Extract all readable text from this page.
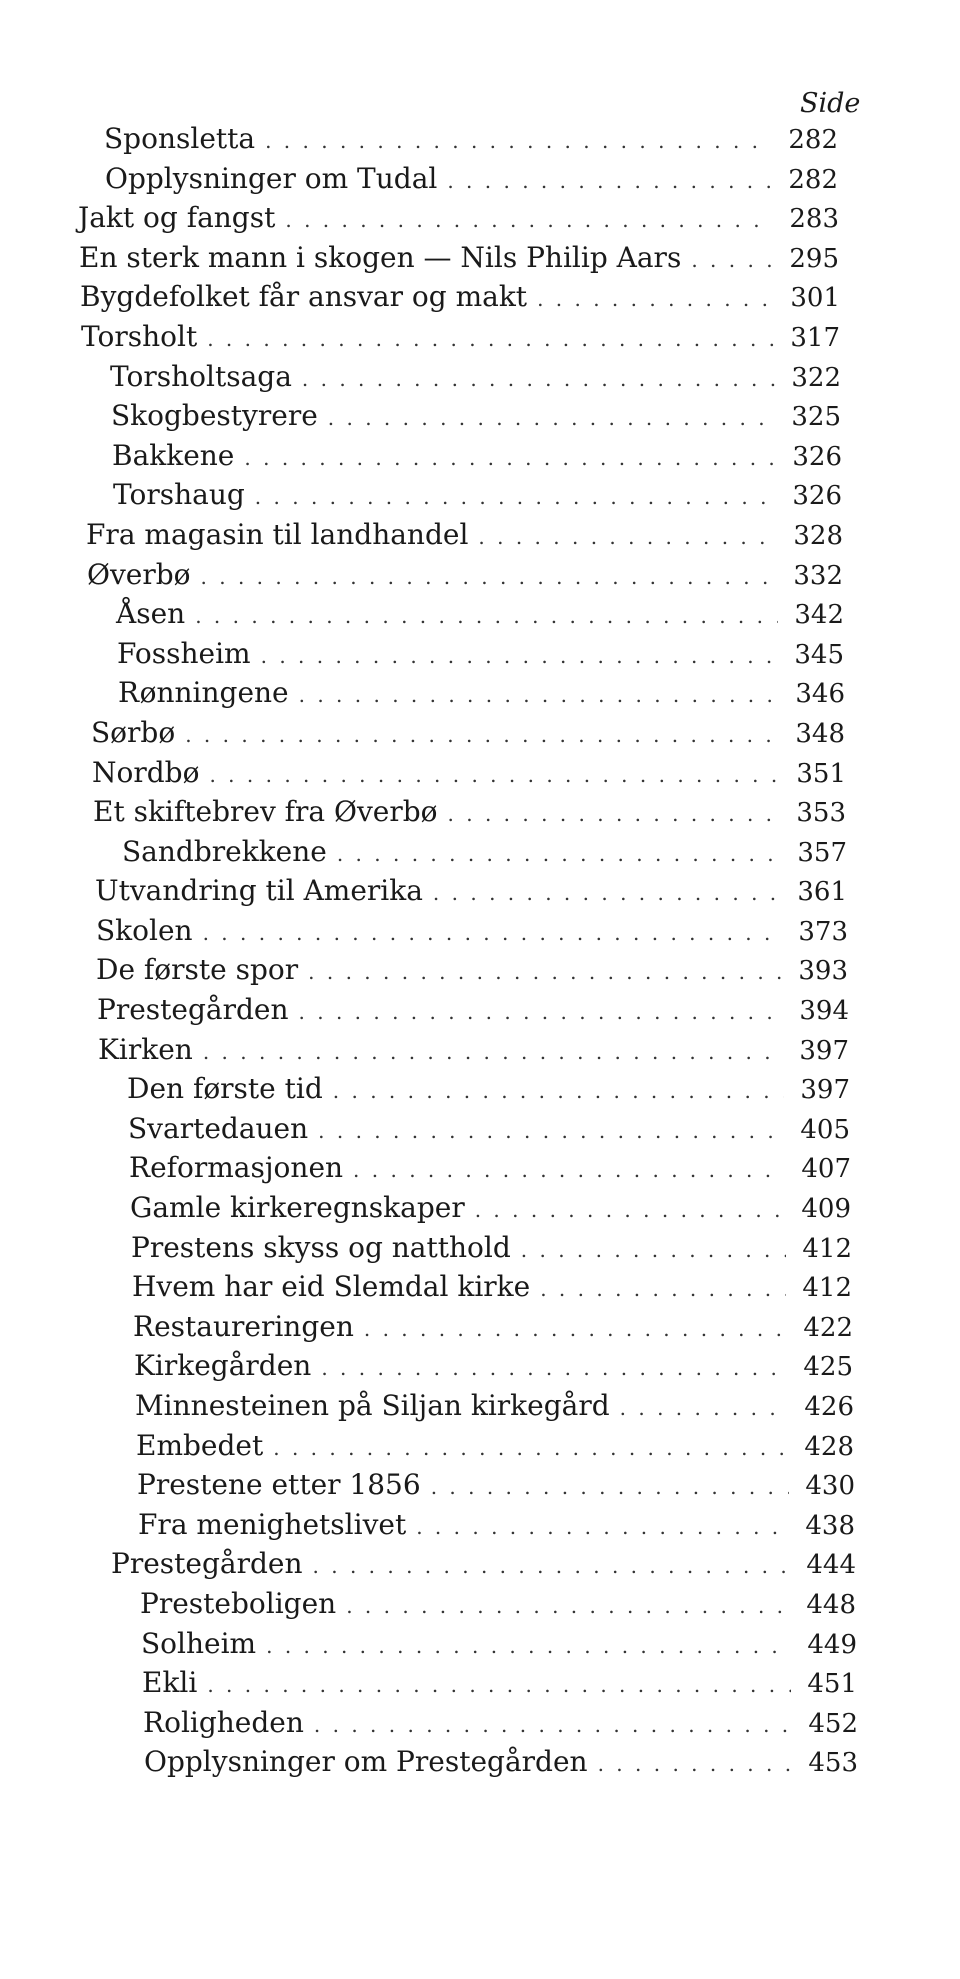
Side
Sponsletta . . .	282
Opplysninger om Tudal . . .	282
Jakt og fangst . . .	283
En sterk mann i skogen — Nils Philip Aars . . .	295
Bygdefolket får ansvar og makt . . .	301
Torsholt . . .	317
Torsholtsaga . . .	322
Skogbestyrere . . .	325
Bakkene . . .	326
Torshaug . . .	326
Fra magasin til landhandel . . .	328
Øverbø . . .	332
Åsen . . .	342
Fossheim . . .	345
Rønningene . . .	346
Sørbø . . .	348
Nordbø . . .	351
Et skiftebrev fra Øverbø . . .	353
Sandbrekkene . . .	357
Utvandring til Amerika . . .	361
Skolen . . .	373
De første spor . . .	393
Prestegården . . .	394
Kirken . . .	397
Den første tid . . .	397
Svartedauen . . .	405
Reformasjonen . . .	407
Gamle kirkeregnskaper . . .	409
Prestens skyss og natthold . . .	412
Hvem har eid Slemdal kirke . . .	412
Restaureringen . . .	422
Kirkegården . . .	425
Minnesteinen på Siljan kirkegård . . .	426
Embedet . . .	428
Prestene etter 1856 . . .	430
Fra menighetslivet . . .	438
Prestegården . . .	444
Presteboligen . . .	448
Solheim . . .	449
Ekli . . .	451
Roligheden . . .	452
Opplysninger om Prestegården . . .	453
